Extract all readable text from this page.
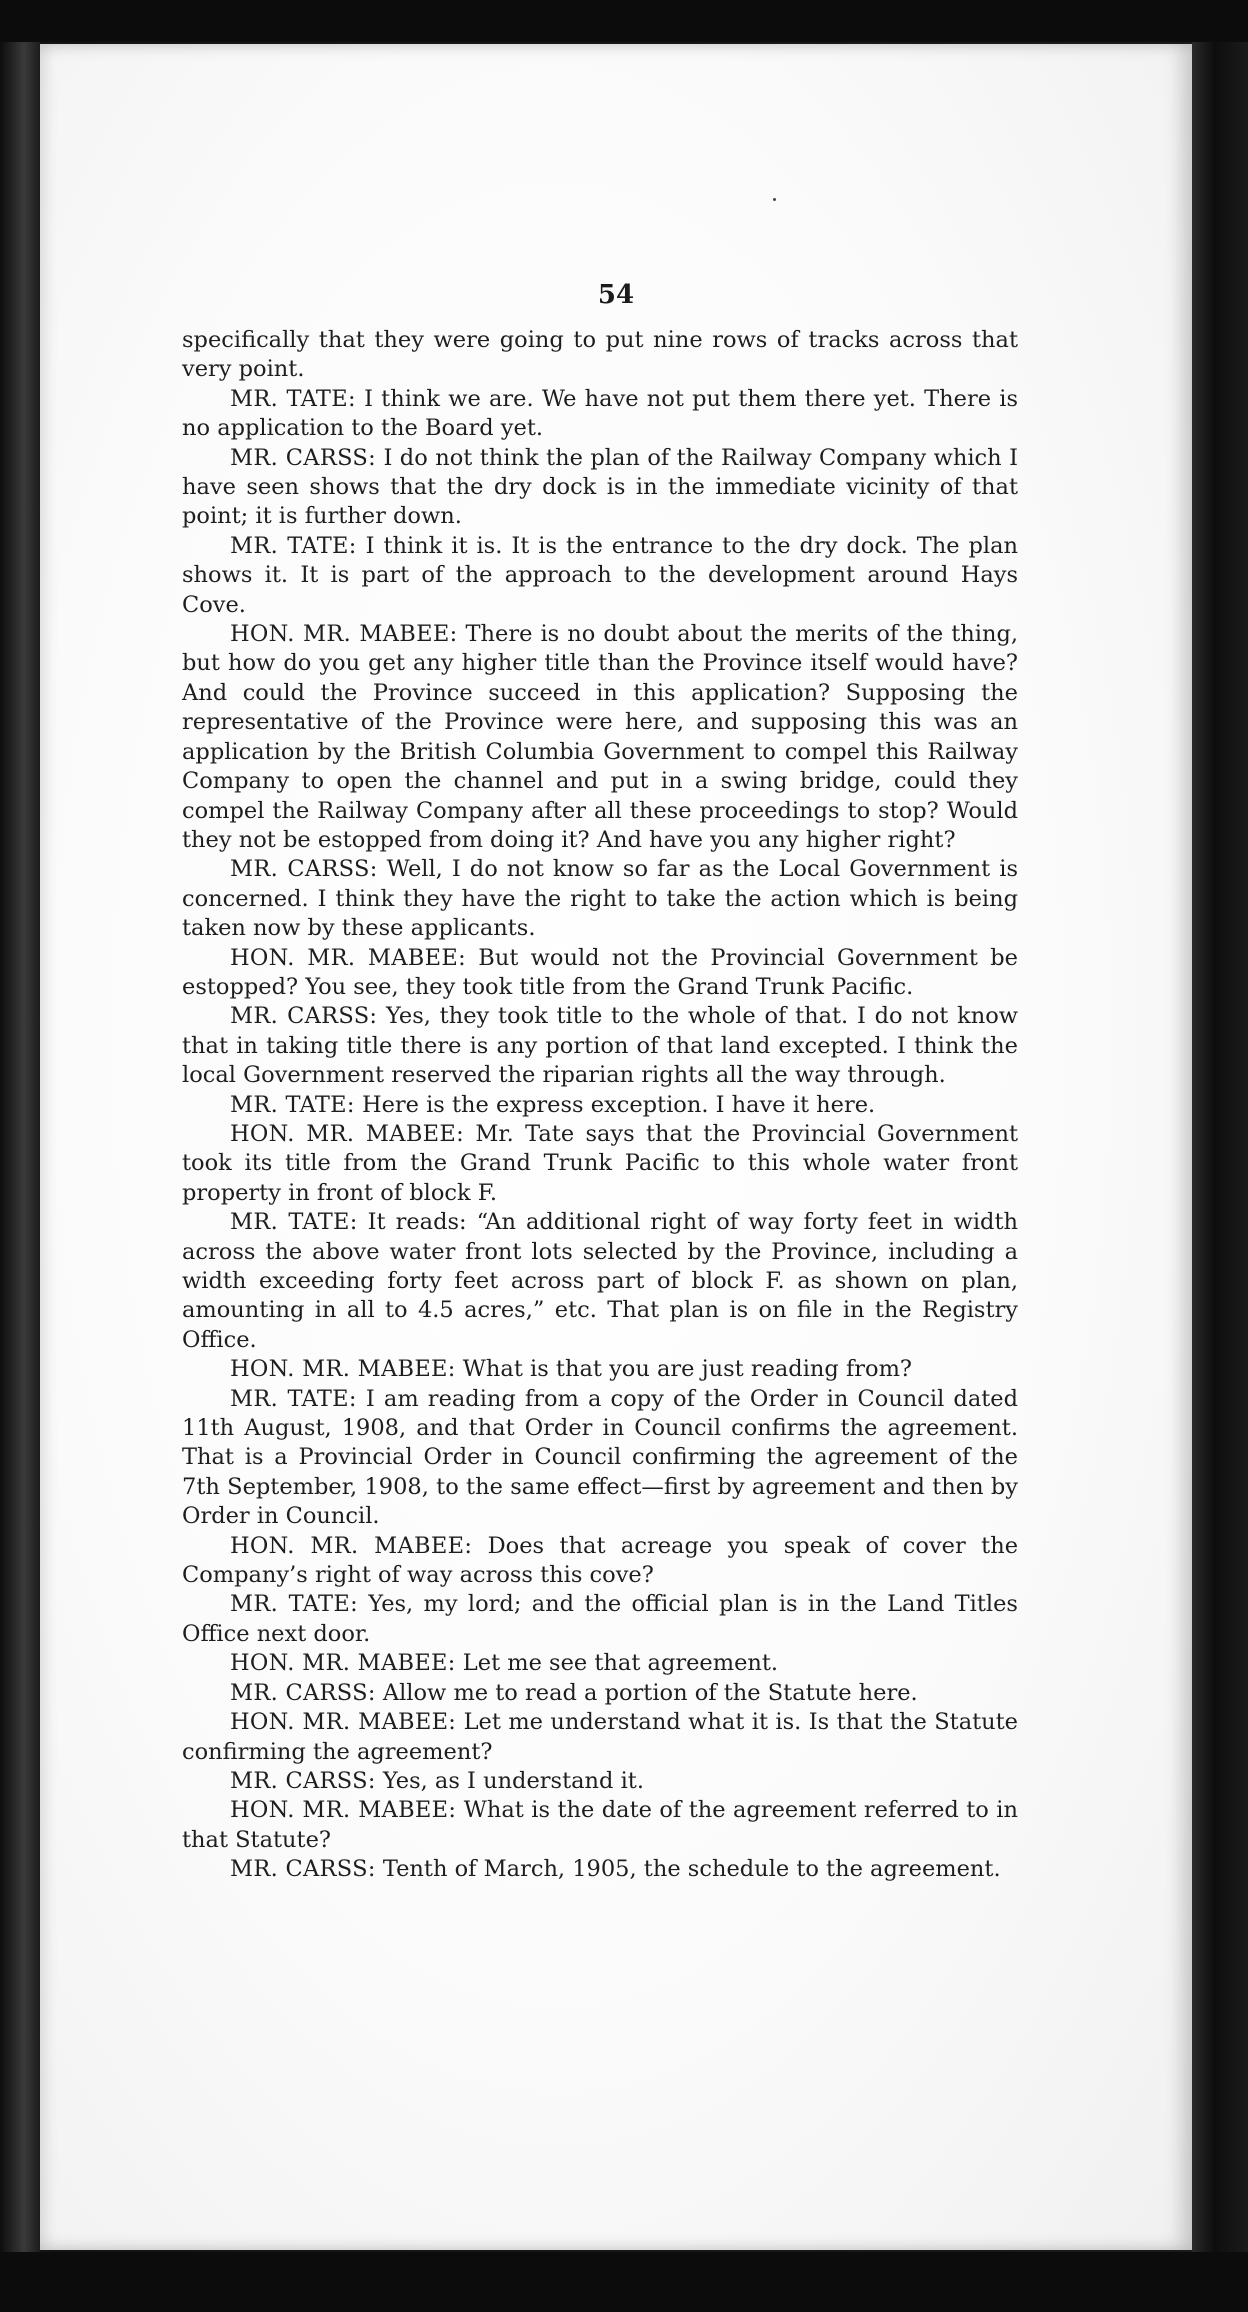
54

specifically that they were going to put nine rows of tracks across that very point.

MR. TATE: I think we are. We have not put them there yet. There is no application to the Board yet.

MR. CARSS: I do not think the plan of the Railway Company which I have seen shows that the dry dock is in the immediate vicinity of that point; it is further down.

MR. TATE: I think it is. It is the entrance to the dry dock. The plan shows it. It is part of the approach to the development around Hays Cove.

HON. MR. MABEE: There is no doubt about the merits of the thing, but how do you get any higher title than the Province itself would have? And could the Province succeed in this application? Supposing the representative of the Province were here, and supposing this was an application by the British Columbia Government to compel this Railway Company to open the channel and put in a swing bridge, could they compel the Railway Company after all these proceedings to stop? Would they not be estopped from doing it? And have you any higher right?

MR. CARSS: Well, I do not know so far as the Local Government is concerned. I think they have the right to take the action which is being taken now by these applicants.

HON. MR. MABEE: But would not the Provincial Government be estopped? You see, they took title from the Grand Trunk Pacific.

MR. CARSS: Yes, they took title to the whole of that. I do not know that in taking title there is any portion of that land excepted. I think the local Government reserved the riparian rights all the way through.

MR. TATE: Here is the express exception. I have it here.

HON. MR. MABEE: Mr. Tate says that the Provincial Government took its title from the Grand Trunk Pacific to this whole water front property in front of block F.

MR. TATE: It reads: “An additional right of way forty feet in width across the above water front lots selected by the Province, including a width exceeding forty feet across part of block F. as shown on plan, amounting in all to 4.5 acres,” etc. That plan is on file in the Registry Office.

HON. MR. MABEE: What is that you are just reading from?

MR. TATE: I am reading from a copy of the Order in Council dated 11th August, 1908, and that Order in Council confirms the agreement. That is a Provincial Order in Council confirming the agreement of the 7th September, 1908, to the same effect—first by agreement and then by Order in Council.

HON. MR. MABEE: Does that acreage you speak of cover the Company’s right of way across this cove?

MR. TATE: Yes, my lord; and the official plan is in the Land Titles Office next door.

HON. MR. MABEE: Let me see that agreement.

MR. CARSS: Allow me to read a portion of the Statute here.

HON. MR. MABEE: Let me understand what it is. Is that the Statute confirming the agreement?

MR. CARSS: Yes, as I understand it.

HON. MR. MABEE: What is the date of the agreement referred to in that Statute?

MR. CARSS: Tenth of March, 1905, the schedule to the agreement.
